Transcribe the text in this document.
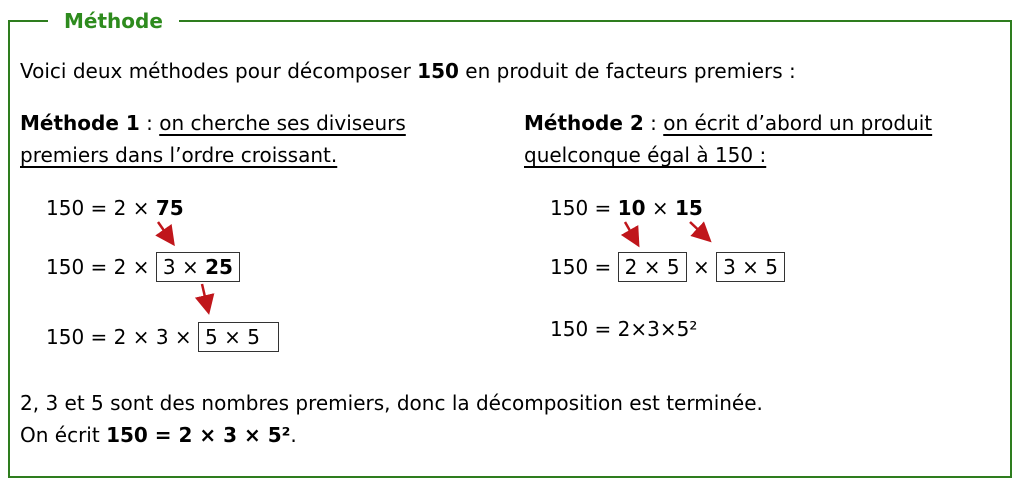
Méthode
Voici deux méthodes pour décomposer 150 en produit de facteurs premiers :
Méthode 1 : on cherche ses diviseurs
premiers dans l’ordre croissant.
150 = 2 × 75
150 = 2 × 3 × 25
150 = 2 × 3 × 5 × 5
Méthode 2 : on écrit d’abord un produit
quelconque égal à 150 :
150 = 10 × 15
150 = 2 × 5 × 3 × 5
150 = 2×3×5²
2, 3 et 5 sont des nombres premiers, donc la décomposition est terminée.
On écrit 150 = 2 × 3 × 5².
